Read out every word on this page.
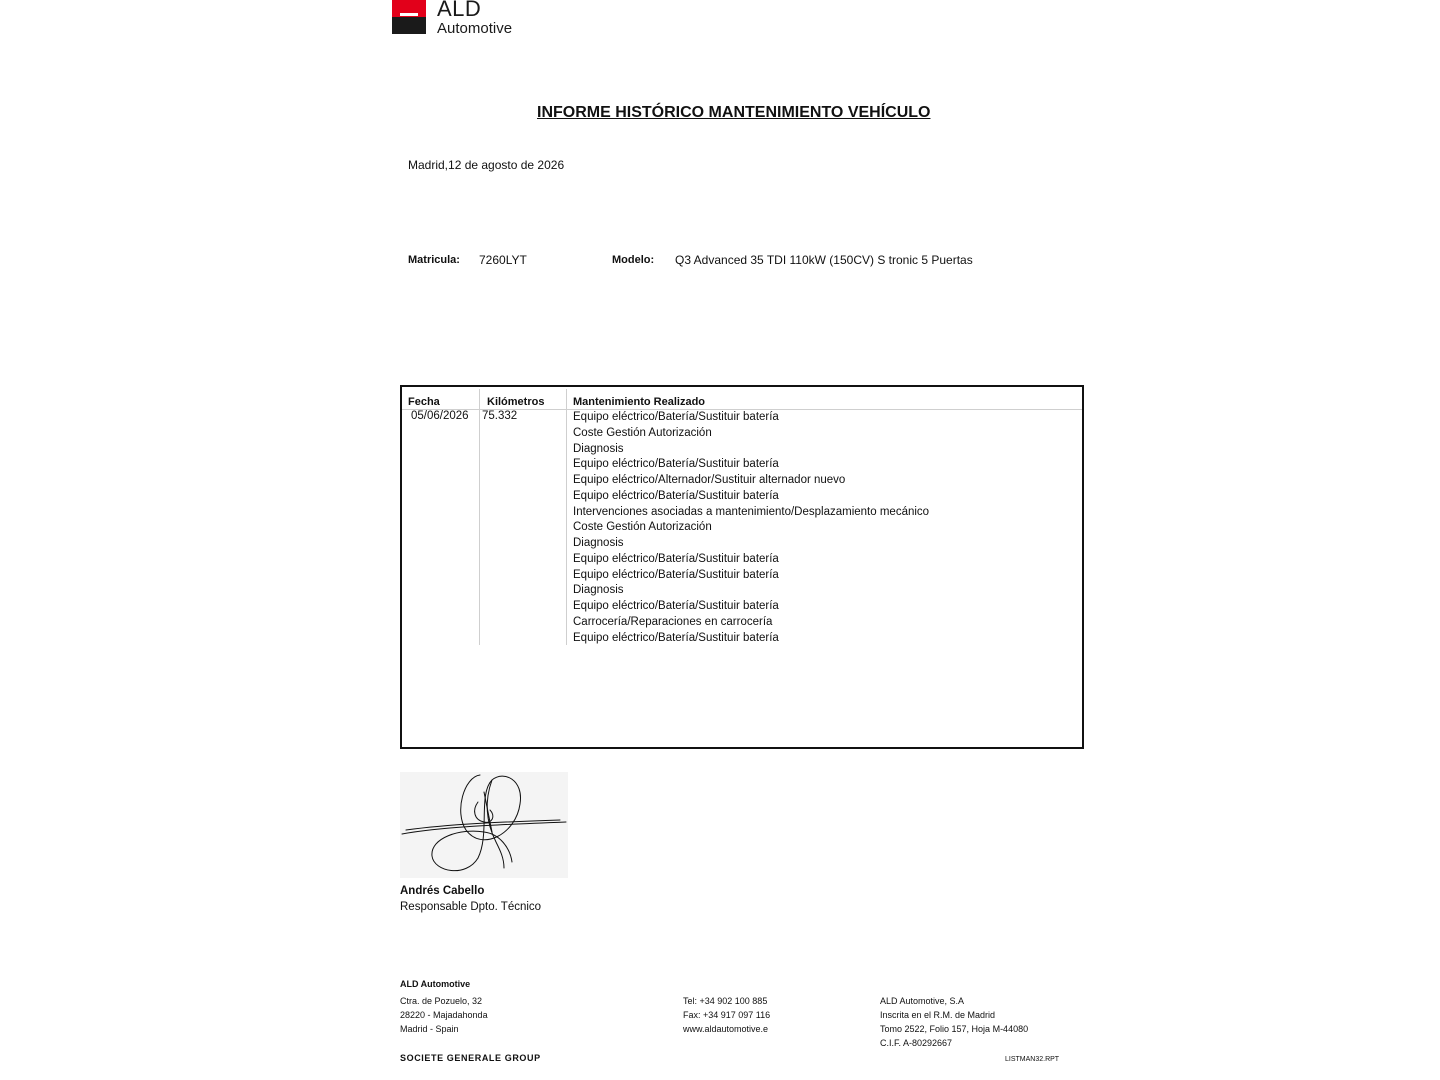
ALD
Automotive
INFORME HISTÓRICO MANTENIMIENTO VEHÍCULO
Madrid,12 de agosto de 2026
Matricula: 7260LYT	Modelo: Q3 Advanced 35 TDI 110kW (150CV) S tronic 5 Puertas
Fecha	Kilómetros	Mantenimiento Realizado
05/06/2026 75.332	Equipo eléctrico/Batería/Sustituir batería
Coste Gestión Autorización
Diagnosis
Equipo eléctrico/Batería/Sustituir batería
Equipo eléctrico/Alternador/Sustituir alternador nuevo
Equipo eléctrico/Batería/Sustituir batería
Intervenciones asociadas a mantenimiento/Desplazamiento mecánico
Coste Gestión Autorización
Diagnosis
Equipo eléctrico/Batería/Sustituir batería
Equipo eléctrico/Batería/Sustituir batería
Diagnosis
Equipo eléctrico/Batería/Sustituir batería
Carrocería/Reparaciones en carrocería
Equipo eléctrico/Batería/Sustituir batería
Andrés Cabello
Responsable Dpto. Técnico
ALD Automotive
Ctra. de Pozuelo, 32
28220 - Majadahonda
Madrid - Spain
Tel: +34 902 100 885
Fax: +34 917 097 116
www.aldautomotive.e
ALD Automotive, S.A
Inscrita en el R.M. de Madrid
Tomo 2522, Folio 157, Hoja M-44080
C.I.F. A-80292667
SOCIETE GENERALE GROUP	LISTMAN32.RPT
